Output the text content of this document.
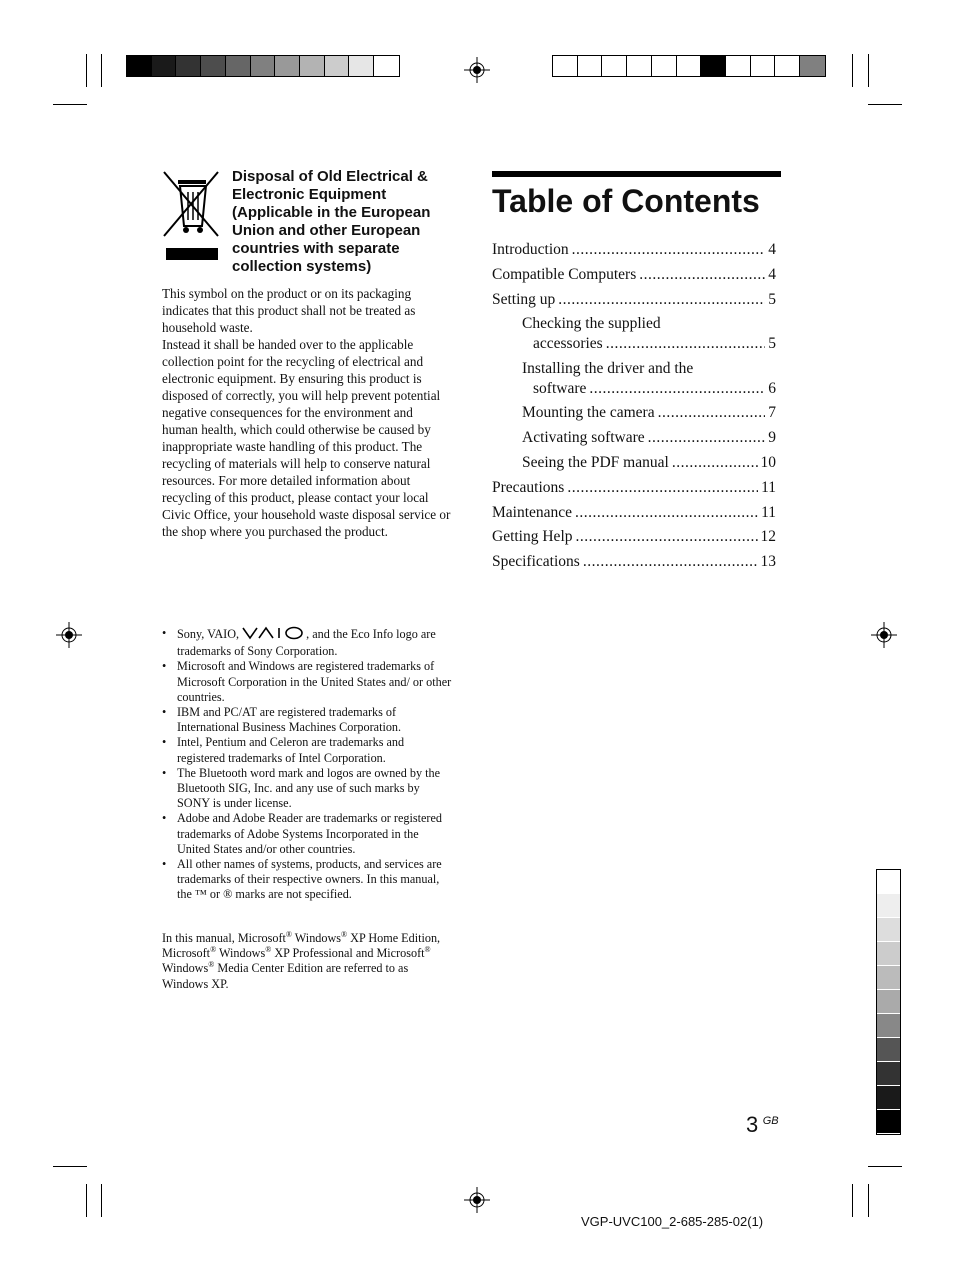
Disposal of Old Electrical & Electronic Equipment (Applicable in the European Union and other European countries with separate collection systems)
This symbol on the product or on its packaging indicates that this product shall not be treated as household waste.
Instead it shall be handed over to the applicable collection point for the recycling of electrical and electronic equipment. By ensuring this product is disposed of correctly, you will help prevent potential negative consequences for the environment and human health, which could otherwise be caused by inappropriate waste handling of this product. The recycling of materials will help to conserve natural resources. For more detailed information about recycling of this product, please contact your local Civic Office, your household waste disposal service or the shop where you purchased the product.
• Sony, VAIO,	, and the Eco Info logo are trademarks of Sony Corporation.
• Microsoft and Windows are registered trademarks of Microsoft Corporation in the United States and/ or other countries.
• IBM and PC/AT are registered trademarks of International Business Machines Corporation.
• Intel, Pentium and Celeron are trademarks and registered trademarks of Intel Corporation.
• The Bluetooth word mark and logos are owned by the Bluetooth SIG, Inc. and any use of such marks by SONY is under license.
• Adobe and Adobe Reader are trademarks or registered trademarks of Adobe Systems Incorporated in the United States and/or other countries.
• All other names of systems, products, and services are trademarks of their respective owners. In this manual, the ™ or ® marks are not specified.
In this manual, Microsoft® Windows® XP Home Edition, Microsoft® Windows® XP Professional and Microsoft® Windows® Media Center Edition are referred to as Windows XP.
Table of Contents
Introduction .....	4
Compatible Computers .....	4
Setting up .....	5
Checking the supplied
accessories .....	5
Installing the driver and the
software .....	6
Mounting the camera .....	7
Activating software .....	9
Seeing the PDF manual .....	10
Precautions .....	11
Maintenance .....	11
Getting Help .....	12
Specifications .....	13
3 $^{GB}$
VGP-UVC100_2-685-285-02(1)
